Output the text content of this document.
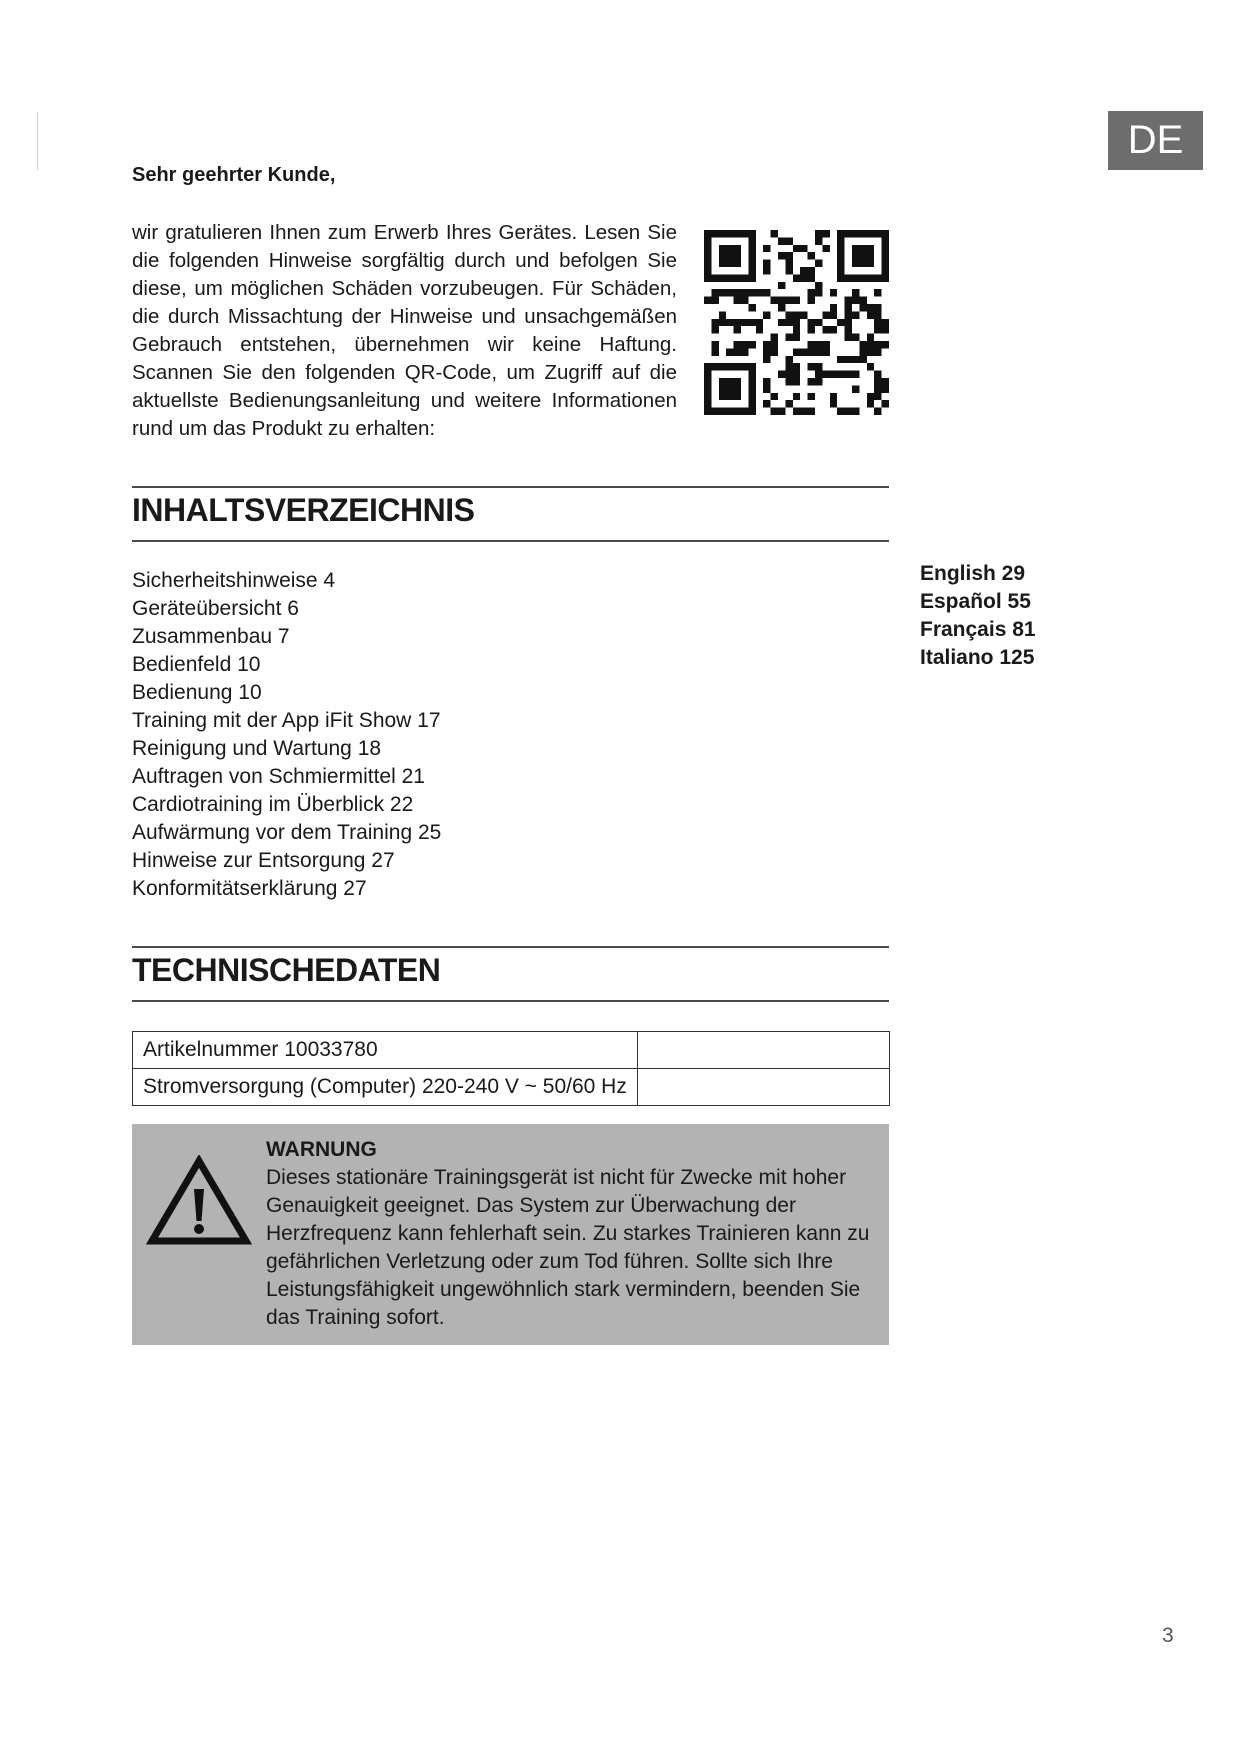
DE
Sehr geehrter Kunde,

wir gratulieren Ihnen zum Erwerb Ihres Gerätes. Lesen Sie die folgenden Hinweise sorgfältig durch und befolgen Sie diese, um möglichen Schäden vorzubeugen. Für Schäden, die durch Missachtung der Hinweise und unsachgemäßen Gebrauch entstehen, übernehmen wir keine Haftung. Scannen Sie den folgenden QR-Code, um Zugriff auf die aktuellste Bedienungsanleitung und weitere Informationen rund um das Produkt zu erhalten:

INHALTSVERZEICHNIS
Sicherheitshinweise 4
Geräteübersicht 6
Zusammenbau 7
Bedienfeld 10
Bedienung 10
Training mit der App iFit Show 17
Reinigung und Wartung 18
Auftragen von Schmiermittel 21
Cardiotraining im Überblick 22
Aufwärmung vor dem Training 25
Hinweise zur Entsorgung 27
Konformitätserklärung 27
English 29
Español 55
Français 81
Italiano 125
TECHNISCHEDATEN
Artikelnummer 10033780	
Stromversorgung (Computer) 220-240 V ~ 50/60 Hz	
WARNUNG

Dieses stationäre Trainingsgerät ist nicht für Zwecke mit hoher Genauigkeit geeignet. Das System zur Überwachung der Herzfrequenz kann fehlerhaft sein. Zu starkes Trainieren kann zu gefährlichen Verletzung oder zum Tod führen. Sollte sich Ihre Leistungsfähigkeit ungewöhnlich stark vermindern, beenden Sie das Training sofort.

3
